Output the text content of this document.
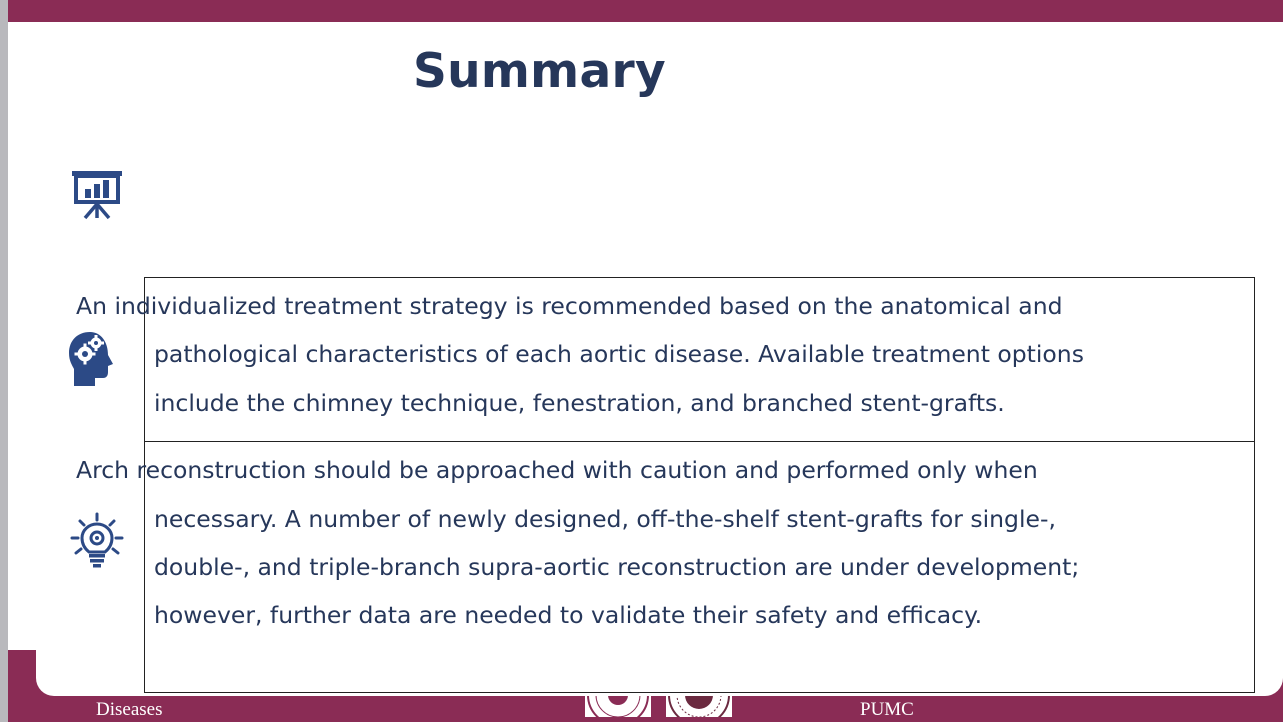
Diseases	PUMC
Summary

An individualized treatment strategy is recommended based on the anatomical and

pathological characteristics of each aortic disease. Available treatment options

include the chimney technique, fenestration, and branched stent-grafts.

Arch reconstruction should be approached with caution and performed only when

necessary. A number of newly designed, off-the-shelf stent-grafts for single-,

double-, and triple-branch supra-aortic reconstruction are under development;

however, further data are needed to validate their safety and efficacy.
